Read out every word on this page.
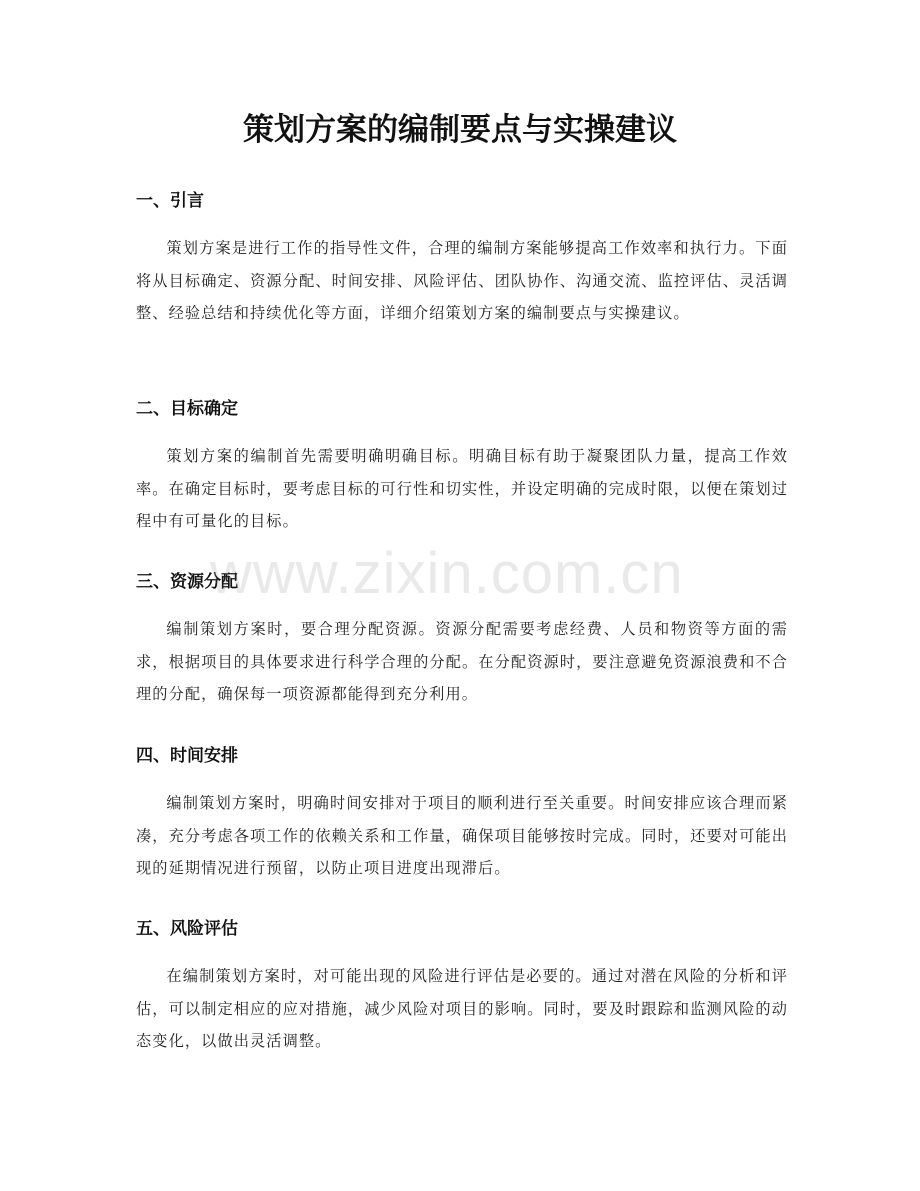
策划方案的编制要点与实操建议
一、引言

策划方案是进行工作的指导性文件，合理的编制方案能够提高工作效率和执行力。下面将从目标确定、资源分配、时间安排、风险评估、团队协作、沟通交流、监控评估、灵活调整、经验总结和持续优化等方面，详细介绍策划方案的编制要点与实操建议。

二、目标确定

策划方案的编制首先需要明确明确目标。明确目标有助于凝聚团队力量，提高工作效率。在确定目标时，要考虑目标的可行性和切实性，并设定明确的完成时限，以便在策划过程中有可量化的目标。

三、资源分配

编制策划方案时，要合理分配资源。资源分配需要考虑经费、人员和物资等方面的需求，根据项目的具体要求进行科学合理的分配。在分配资源时，要注意避免资源浪费和不合理的分配，确保每一项资源都能得到充分利用。

四、时间安排

编制策划方案时，明确时间安排对于项目的顺利进行至关重要。时间安排应该合理而紧凑，充分考虑各项工作的依赖关系和工作量，确保项目能够按时完成。同时，还要对可能出现的延期情况进行预留，以防止项目进度出现滞后。

五、风险评估

在编制策划方案时，对可能出现的风险进行评估是必要的。通过对潜在风险的分析和评估，可以制定相应的应对措施，减少风险对项目的影响。同时，要及时跟踪和监测风险的动态变化，以做出灵活调整。

www.zixin.com.cn
